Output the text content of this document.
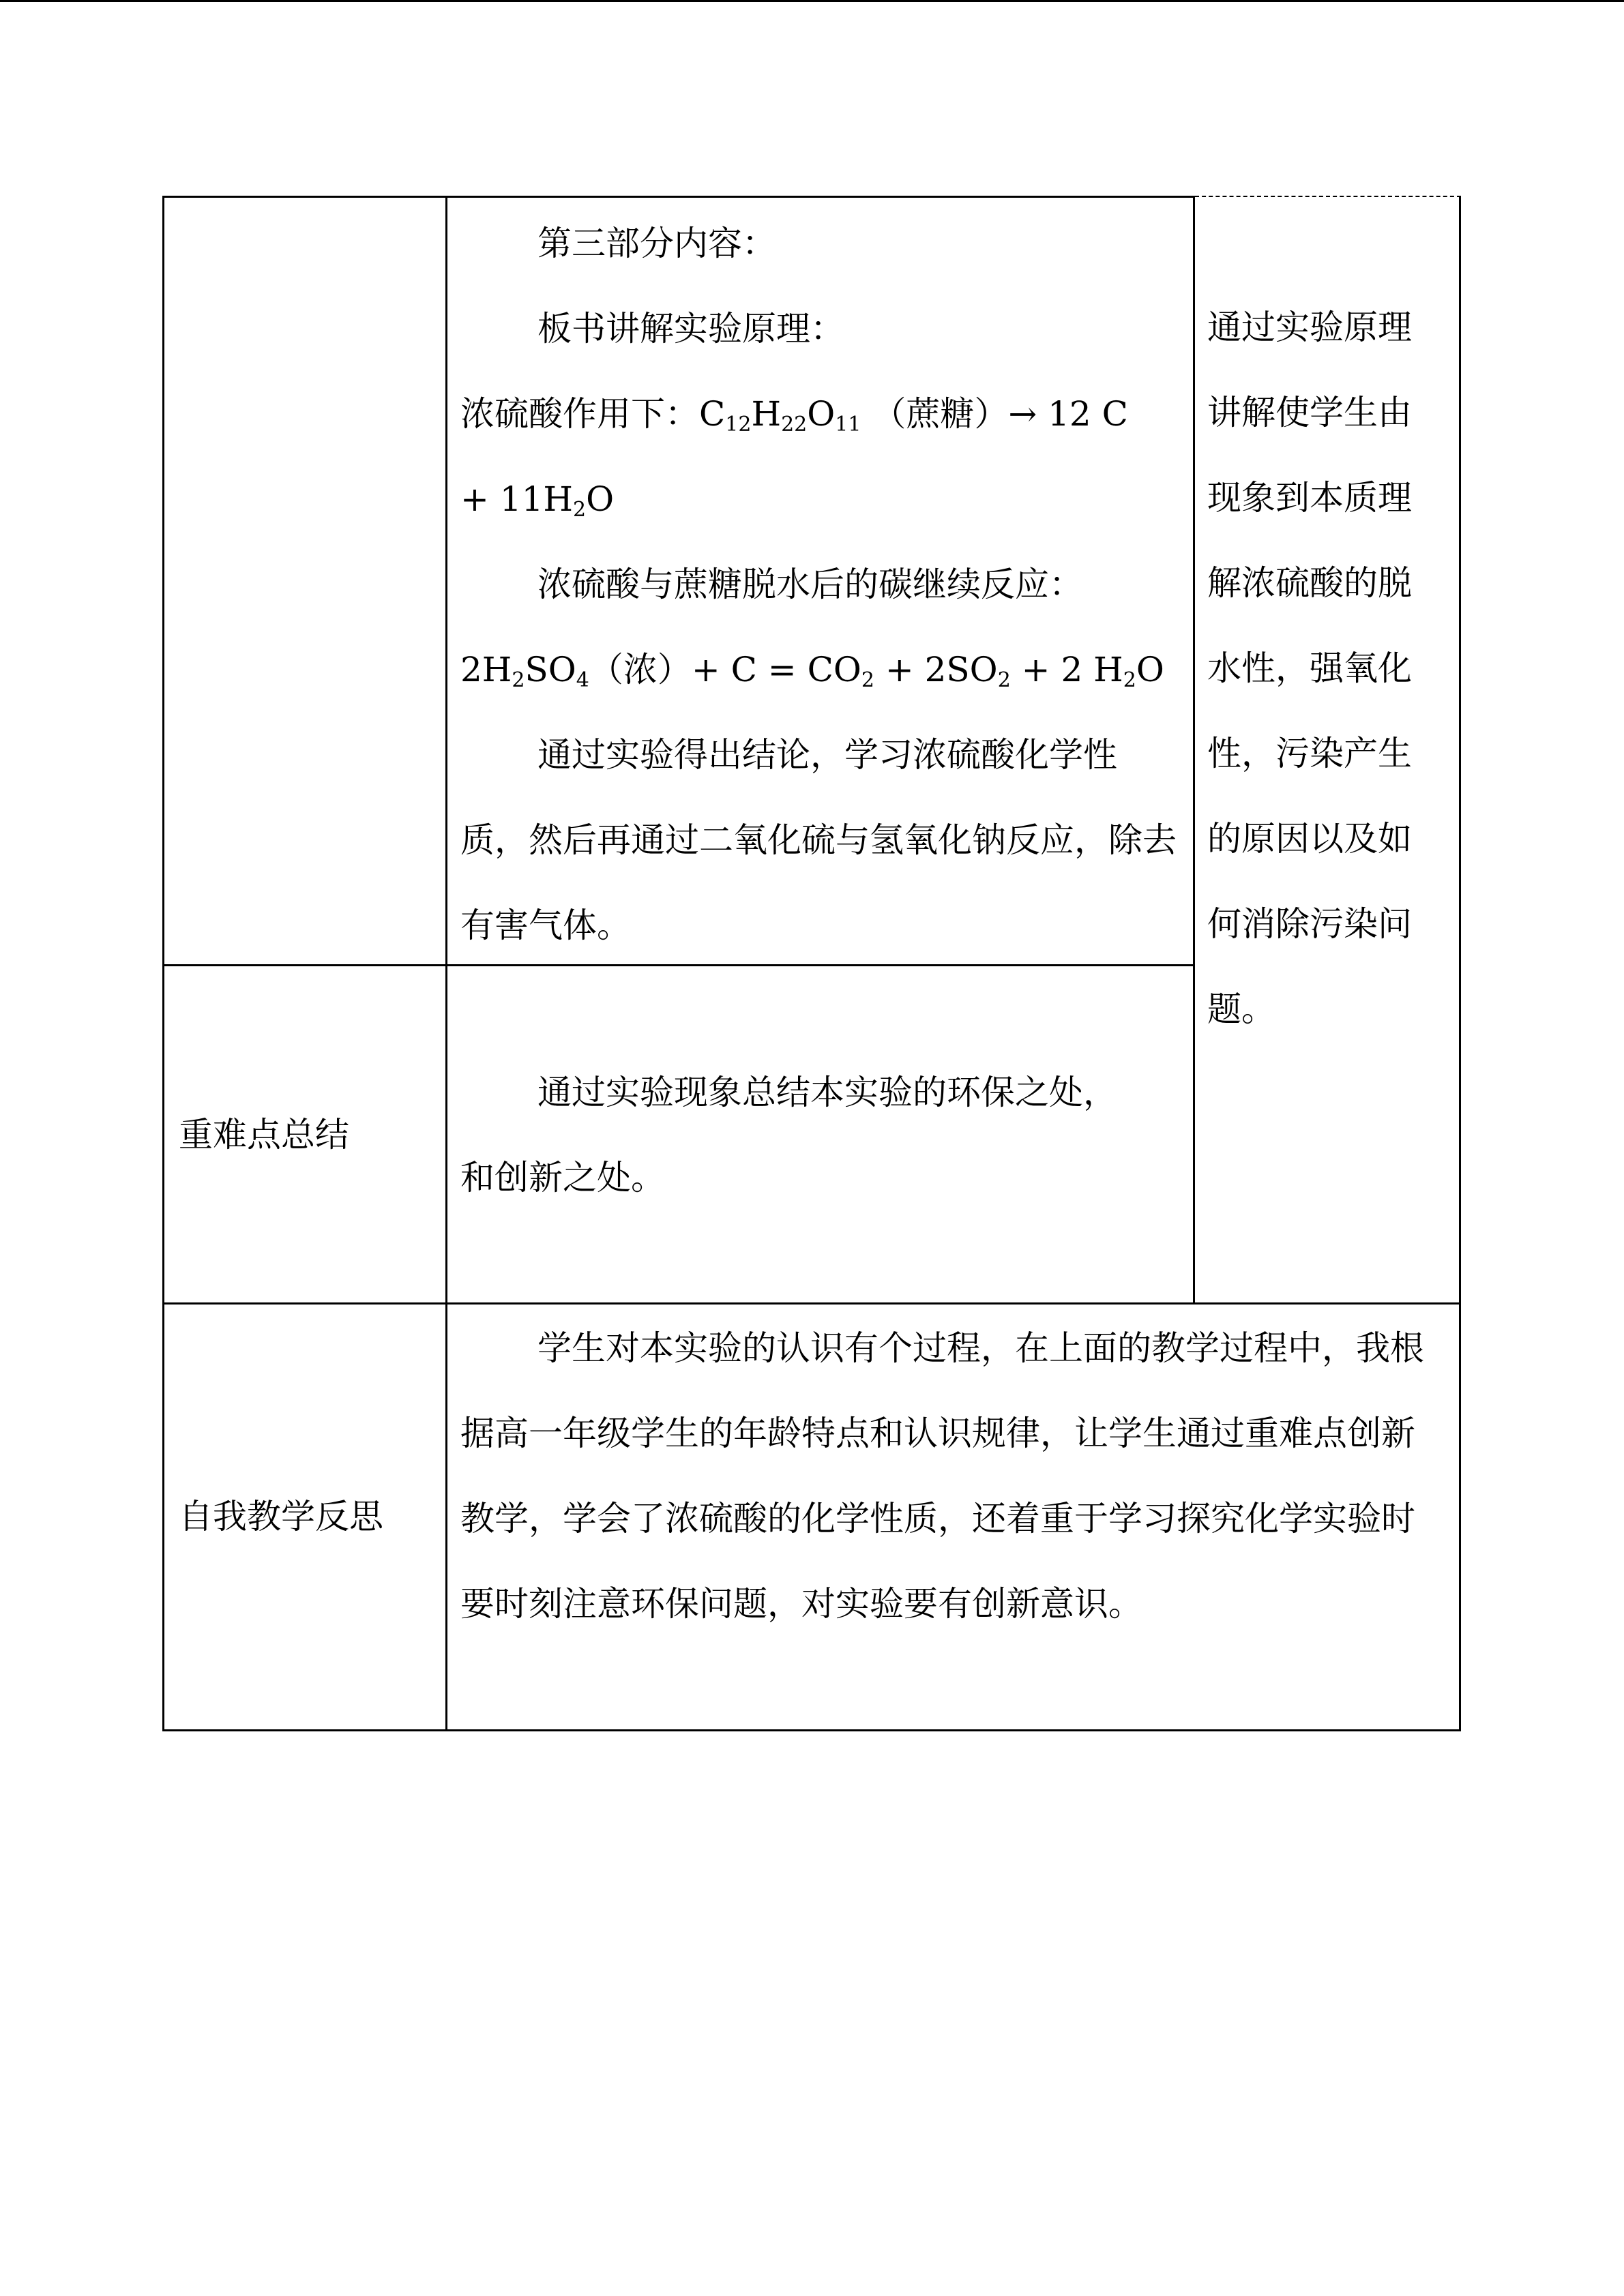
第三部分内容：

板书讲解实验原理：

浓硫酸作用下：$C_{12}H_{22}O_{11}$ （蔗糖）→ 12 C

+ $11H_2O$

浓硫酸与蔗糖脱水后的碳继续反应：

$2H_2SO_4$（浓）+ $C = CO_2 + 2SO_2 + 2$ $H_2O$

通过实验得出结论，学习浓硫酸化学性质，然后再通过二氧化硫与氢氧化钠反应，除去有害气体。

通过实验原理

讲解使学生由

现象到本质理

解浓硫酸的脱

水性，强氧化

性，污染产生

的原因以及如

何消除污染问

题。

重难点总结
通过实验现象总结本实验的环保之处，和创新之处。
自我教学反思
学生对本实验的认识有个过程，在上面的教学过程中，我根据高一年级学生的年龄特点和认识规律，让学生通过重难点创新教学，学会了浓硫酸的化学性质，还着重于学习探究化学实验时要时刻注意环保问题，对实验要有创新意识。
